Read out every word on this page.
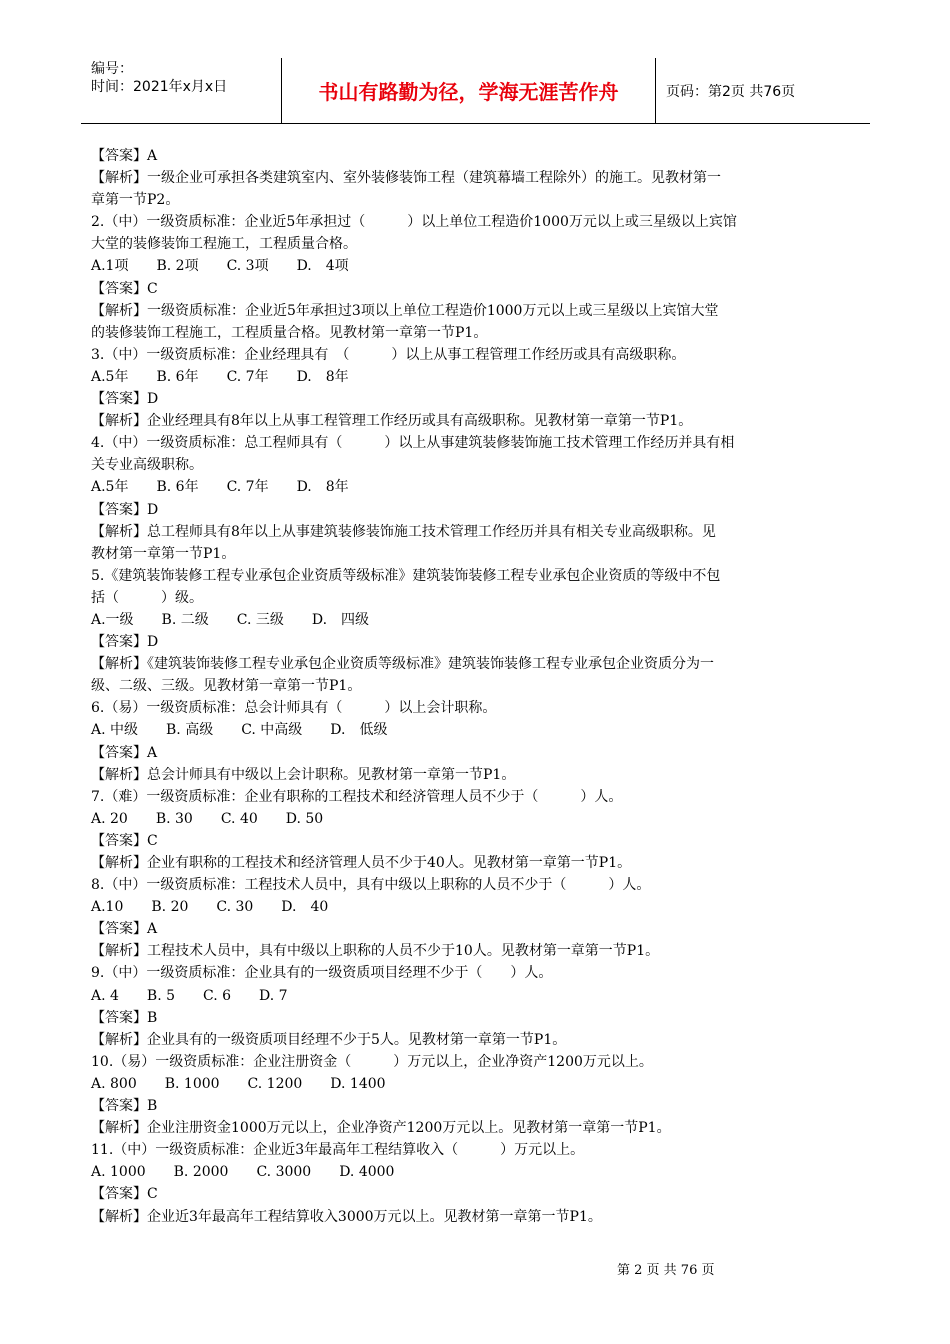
编号：
时间：2021年x月x日	书山有路勤为径，学海无涯苦作舟	页码：第2页 共76页
【答案】A
【解析】一级企业可承担各类建筑室内、室外装修装饰工程（建筑幕墙工程除外）的施工。见教材第一
章第一节P2。
2.（中）一级资质标准：企业近5年承担过（　　　）以上单位工程造价1000万元以上或三星级以上宾馆
大堂的装修装饰工程施工，工程质量合格。
A.1项　　B. 2项　　C. 3项　　D.　4项
【答案】C
【解析】一级资质标准：企业近5年承担过3项以上单位工程造价1000万元以上或三星级以上宾馆大堂
的装修装饰工程施工，工程质量合格。见教材第一章第一节P1。
3.（中）一级资质标准：企业经理具有　（　　　）以上从事工程管理工作经历或具有高级职称。
A.5年　　B. 6年　　C. 7年　　D.　8年
【答案】D
【解析】企业经理具有8年以上从事工程管理工作经历或具有高级职称。见教材第一章第一节P1。
4.（中）一级资质标准：总工程师具有（　　　）以上从事建筑装修装饰施工技术管理工作经历并具有相
关专业高级职称。
A.5年　　B. 6年　　C. 7年　　D.　8年
【答案】D
【解析】总工程师具有8年以上从事建筑装修装饰施工技术管理工作经历并具有相关专业高级职称。见
教材第一章第一节P1。
5.《建筑装饰装修工程专业承包企业资质等级标准》建筑装饰装修工程专业承包企业资质的等级中不包
括（　　　）级。
A.一级　　B. 二级　　C. 三级　　D.　四级
【答案】D
【解析】《建筑装饰装修工程专业承包企业资质等级标准》建筑装饰装修工程专业承包企业资质分为一
级、二级、三级。见教材第一章第一节P1。
6.（易）一级资质标准：总会计师具有（　　　）以上会计职称。
A. 中级　　B. 高级　　C. 中高级　　D.　低级
【答案】A
【解析】总会计师具有中级以上会计职称。见教材第一章第一节P1。
7.（难）一级资质标准：企业有职称的工程技术和经济管理人员不少于（　　　）人。
A. 20　　B. 30　　C. 40　　D. 50
【答案】C
【解析】企业有职称的工程技术和经济管理人员不少于40人。见教材第一章第一节P1。
8.（中）一级资质标准：工程技术人员中，具有中级以上职称的人员不少于（　　　）人。
A.10　　B. 20　　C. 30　　D.　40
【答案】A
【解析】工程技术人员中，具有中级以上职称的人员不少于10人。见教材第一章第一节P1。
9.（中）一级资质标准：企业具有的一级资质项目经理不少于（　　）人。
A. 4　　B. 5　　C. 6　　D. 7
【答案】B
【解析】企业具有的一级资质项目经理不少于5人。见教材第一章第一节P1。
10.（易）一级资质标准：企业注册资金（　　　）万元以上，企业净资产1200万元以上。
A. 800　　B. 1000　　C. 1200　　D. 1400
【答案】B
【解析】企业注册资金1000万元以上，企业净资产1200万元以上。见教材第一章第一节P1。
11.（中）一级资质标准：企业近3年最高年工程结算收入（　　　）万元以上。
A. 1000　　B. 2000　　C. 3000　　D. 4000
【答案】C
【解析】企业近3年最高年工程结算收入3000万元以上。见教材第一章第一节P1。
第 2 页 共 76 页
